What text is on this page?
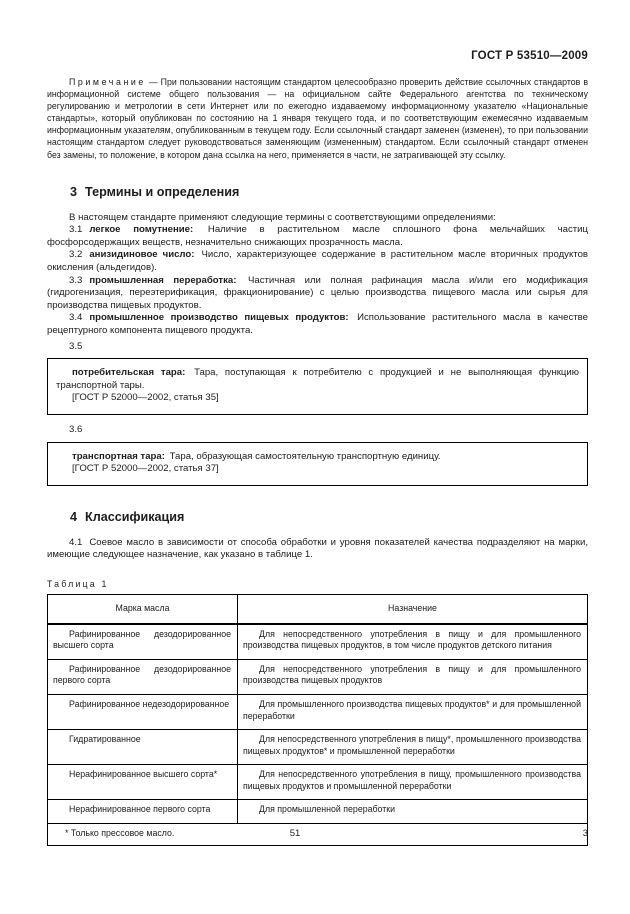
ГОСТ Р 53510—2009

Примечание — При пользовании настоящим стандартом целесообразно проверить действие ссылочных стандартов в информационной системе общего пользования — на официальном сайте Федерального агентства по техническому регулированию и метрологии в сети Интернет или по ежегодно издаваемому информационному указателю «Национальные стандарты», который опубликован по состоянию на 1 января текущего года, и по соответствующим ежемесячно издаваемым информационным указателям, опубликованным в текущем году. Если ссылочный стандарт заменен (изменен), то при пользовании настоящим стандартом следует руководствоваться заменяющим (измененным) стандартом. Если ссылочный стандарт отменен без замены, то положение, в котором дана ссылка на него, применяется в части, не затрагивающей эту ссылку.

3 Термины и определения

В настоящем стандарте применяют следующие термины с соответствующими определениями:

3.1 легкое помутнение: Наличие в растительном масле сплошного фона мельчайших частиц фосфорсодержащих веществ, незначительно снижающих прозрачность масла.

3.2 анизидиновое число: Число, характеризующее содержание в растительном масле вторичных продуктов окисления (альдегидов).

3.3 промышленная переработка: Частичная или полная рафинация масла и/или его модификация (гидрогенизация, переэтерификация, фракционирование) с целью производства пищевого масла или сырья для производства пищевых продуктов.

3.4 промышленное производство пищевых продуктов: Использование растительного масла в качестве рецептурного компонента пищевого продукта.

3.5

потребительская тара: Тара, поступающая к потребителю с продукцией и не выполняющая функцию транспортной тары.

[ГОСТ Р 52000—2002, статья 35]

3.6

транспортная тара: Тара, образующая самостоятельную транспортную единицу.

[ГОСТ Р 52000—2002, статья 37]

4 Классификация

4.1 Соевое масло в зависимости от способа обработки и уровня показателей качества подразделяют на марки, имеющие следующее назначение, как указано в таблице 1.

Таблица 1
Марка масла	Назначение
Рафинированное дезодорированное высшего сорта	Для непосредственного употребления в пищу и для промышленного производства пищевых продуктов, в том числе продуктов детского питания
Рафинированное дезодорированное первого сорта	Для непосредственного употребления в пищу и для промышленного производства пищевых продуктов
Рафинированное недезодорированное	Для промышленного производства пищевых продуктов* и для промышленной переработки
Гидратированное	Для непосредственного употребления в пищу*, промышленного производства пищевых продуктов* и промышленной переработки
Нерафинированное высшего сорта*	Для непосредственного употребления в пищу, промышленного производства пищевых продуктов и промышленной переработки
Нерафинированное первого сорта	Для промышленной переработки
* Только прессовое масло.		51	3
